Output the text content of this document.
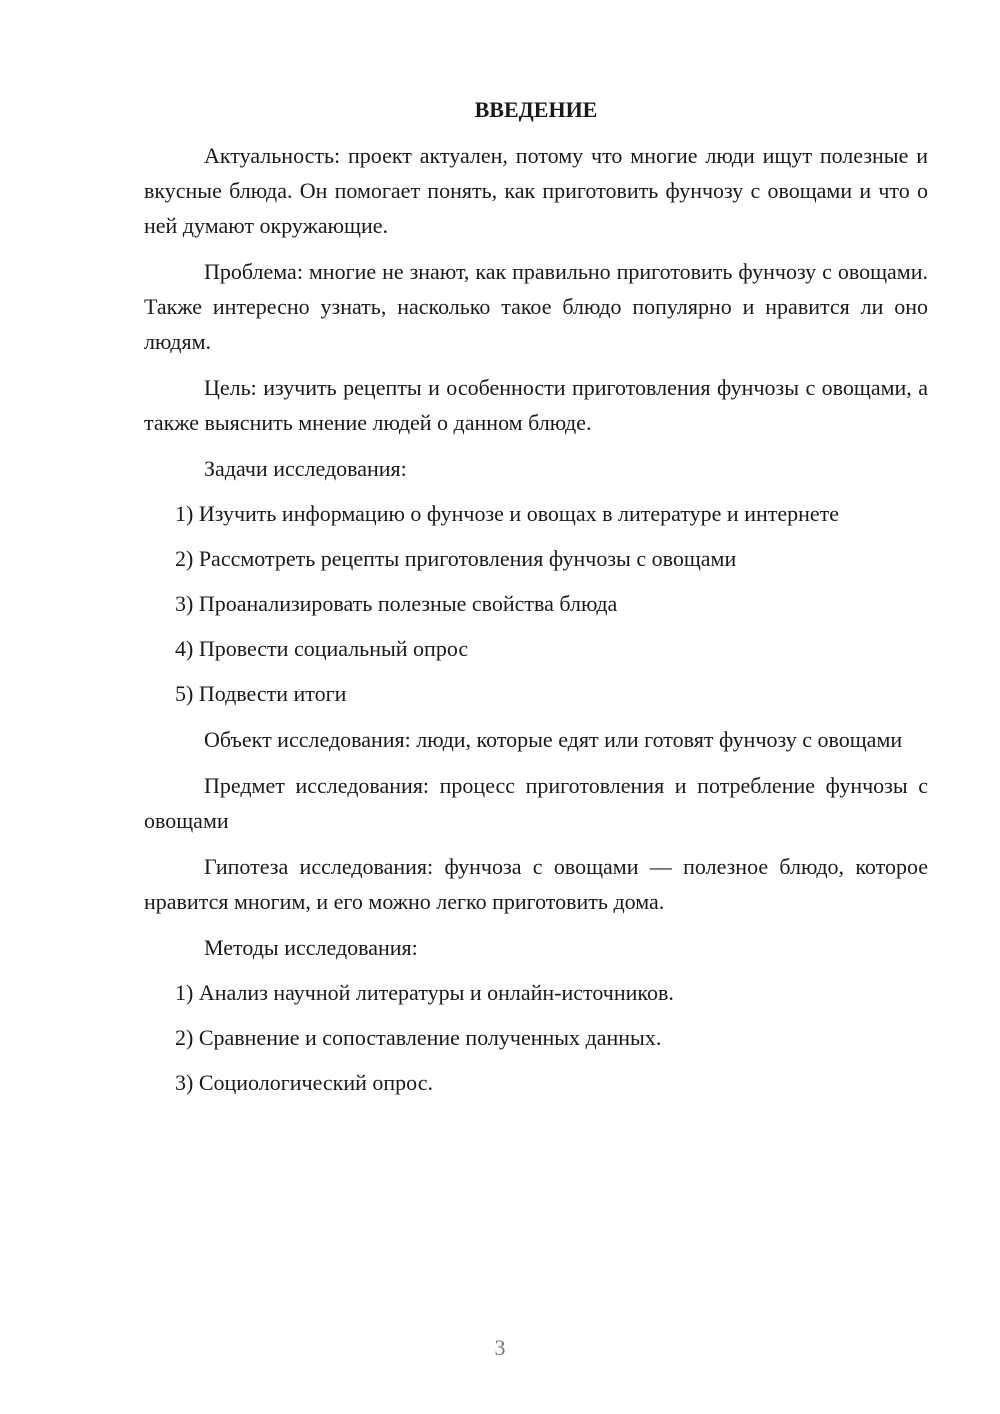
ВВЕДЕНИЕ

Актуальность: проект актуален, потому что многие люди ищут полезные и вкусные блюда. Он помогает понять, как приготовить фунчозу с овощами и что о ней думают окружающие.

Проблема: многие не знают, как правильно приготовить фунчозу с овощами. Также интересно узнать, насколько такое блюдо популярно и нравится ли оно людям.

Цель: изучить рецепты и особенности приготовления фунчозы с овощами, а также выяснить мнение людей о данном блюде.

Задачи исследования:

1) Изучить информацию о фунчозе и овощах в литературе и интернете

2) Рассмотреть рецепты приготовления фунчозы с овощами

3) Проанализировать полезные свойства блюда

4) Провести социальный опрос

5) Подвести итоги

Объект исследования: люди, которые едят или готовят фунчозу с овощами

Предмет исследования: процесс приготовления и потребление фунчозы с овощами

Гипотеза исследования: фунчоза с овощами — полезное блюдо, которое нравится многим, и его можно легко приготовить дома.

Методы исследования:

1) Анализ научной литературы и онлайн-источников.

2) Сравнение и сопоставление полученных данных.

3) Социологический опрос.

3
